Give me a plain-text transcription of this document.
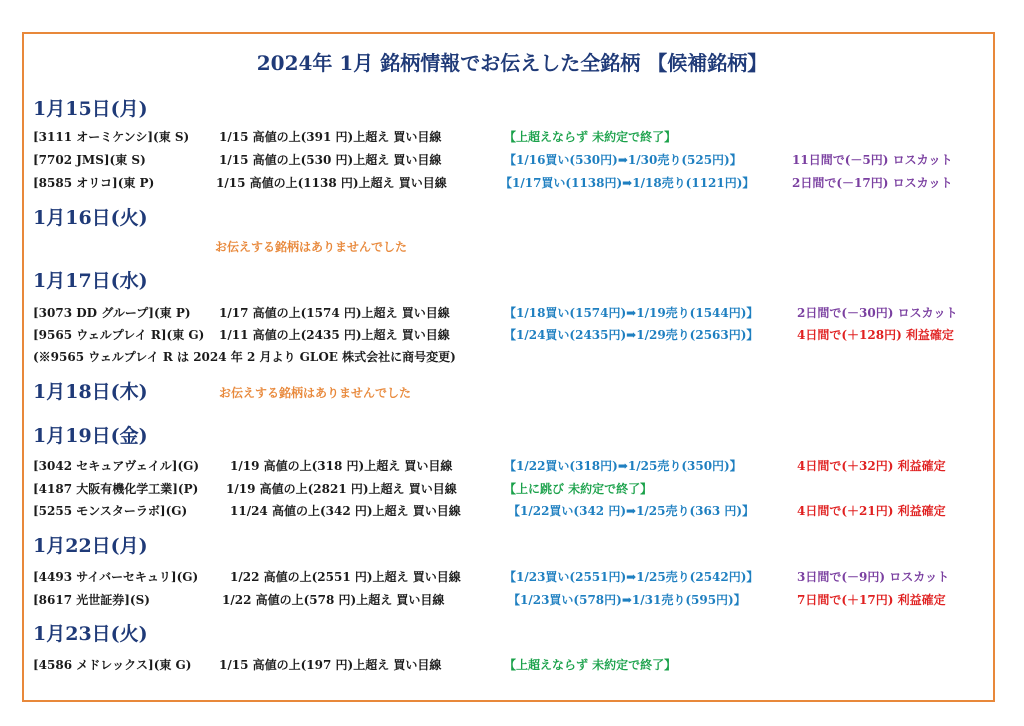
2024年 1月 銘柄情報でお伝えした全銘柄 【候補銘柄】
1月15日(月)
[3111 オーミケンシ](東 S) 1/15 高値の上(391 円)上超え 買い目線	【上超えならず 未約定で終了】
[7702 JMS](東 S)	1/15 高値の上(530 円)上超え 買い目線	【1/16買い(530円)➡1/30売り(525円)】	11日間で(－5円) ロスカット
[8585 オリコ](東 P)	1/15 高値の上(1138 円)上超え 買い目線	【1/17買い(1138円)➡1/18売り(1121円)】	2日間で(－17円) ロスカット
1月16日(火)
お伝えする銘柄はありませんでした
1月17日(水)
[3073 DD グループ](東 P) 1/17 高値の上(1574 円)上超え 買い目線	【1/18買い(1574円)➡1/19売り(1544円)】	2日間で(－30円) ロスカット
[9565 ウェルプレイ R](東 G) 1/11 高値の上(2435 円)上超え 買い目線	【1/24買い(2435円)➡1/29売り(2563円)】	4日間で(＋128円) 利益確定
(※9565 ウェルプレイ R は 2024 年 2 月より GLOE 株式会社に商号変更)
1月18日(木)	お伝えする銘柄はありませんでした
1月19日(金)
[3042 セキュアヴェイル](G)	1/19 高値の上(318 円)上超え 買い目線	【1/22買い(318円)➡1/25売り(350円)】	4日間で(＋32円) 利益確定
[4187 大阪有機化学工業](P) 1/19 高値の上(2821 円)上超え 買い目線	【上に跳び 未約定で終了】
[5255 モンスターラボ](G)	11/24 高値の上(342 円)上超え 買い目線	【1/22買い(342 円)➡1/25売り(363 円)】	4日間で(＋21円) 利益確定
1月22日(月)
[4493 サイバーセキュリ](G)	1/22 高値の上(2551 円)上超え 買い目線	【1/23買い(2551円)➡1/25売り(2542円)】	3日間で(－9円) ロスカット
[8617 光世証券](S)	1/22 高値の上(578 円)上超え 買い目線	【1/23買い(578円)➡1/31売り(595円)】	7日間で(＋17円) 利益確定
1月23日(火)
[4586 メドレックス](東 G) 1/15 高値の上(197 円)上超え 買い目線	【上超えならず 未約定で終了】
